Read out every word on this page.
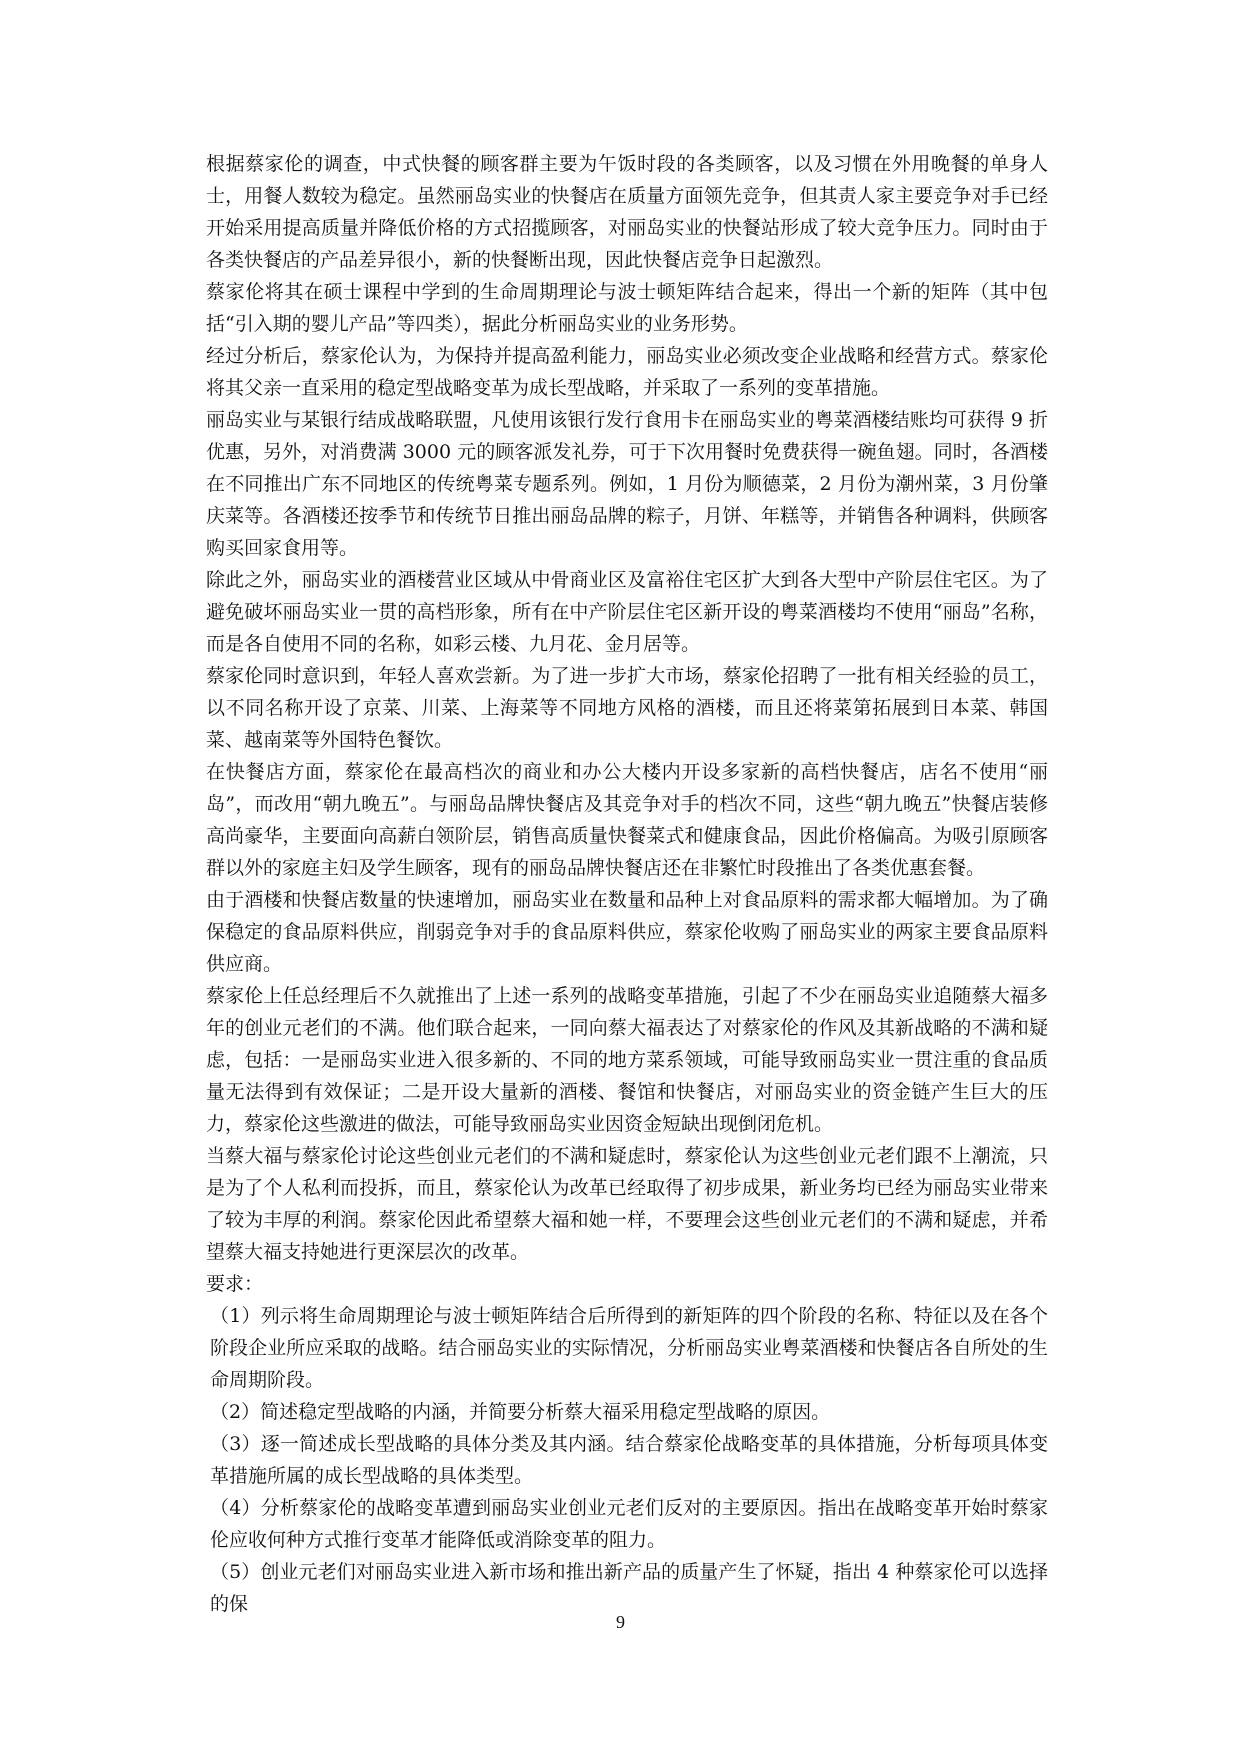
根据蔡家伦的调查，中式快餐的顾客群主要为午饭时段的各类顾客，以及习惯在外用晚餐的单身人士，用餐人数较为稳定。虽然丽岛实业的快餐店在质量方面领先竞争，但其责人家主要竞争对手已经开始采用提高质量并降低价格的方式招揽顾客，对丽岛实业的快餐站形成了较大竞争压力。同时由于各类快餐店的产品差异很小，新的快餐断出现，因此快餐店竞争日起激烈。

蔡家伦将其在硕士课程中学到的生命周期理论与波士顿矩阵结合起来，得出一个新的矩阵（其中包括“引入期的婴儿产品”等四类），据此分析丽岛实业的业务形势。

经过分析后，蔡家伦认为，为保持并提高盈利能力，丽岛实业必须改变企业战略和经营方式。蔡家伦将其父亲一直采用的稳定型战略变革为成长型战略，并采取了一系列的变革措施。

丽岛实业与某银行结成战略联盟，凡使用该银行发行食用卡在丽岛实业的粤菜酒楼结账均可获得 9 折优惠，另外，对消费满 3000 元的顾客派发礼券，可于下次用餐时免费获得一碗鱼翅。同时，各酒楼在不同推出广东不同地区的传统粤菜专题系列。例如，1 月份为顺德菜，2 月份为潮州菜，3 月份肇庆菜等。各酒楼还按季节和传统节日推出丽岛品牌的粽子，月饼、年糕等，并销售各种调料，供顾客购买回家食用等。

除此之外，丽岛实业的酒楼营业区域从中骨商业区及富裕住宅区扩大到各大型中产阶层住宅区。为了避免破坏丽岛实业一贯的高档形象，所有在中产阶层住宅区新开设的粤菜酒楼均不使用“丽岛”名称，而是各自使用不同的名称，如彩云楼、九月花、金月居等。

蔡家伦同时意识到，年轻人喜欢尝新。为了进一步扩大市场，蔡家伦招聘了一批有相关经验的员工，以不同名称开设了京菜、川菜、上海菜等不同地方风格的酒楼，而且还将菜第拓展到日本菜、韩国菜、越南菜等外国特色餐饮。

在快餐店方面，蔡家伦在最高档次的商业和办公大楼内开设多家新的高档快餐店，店名不使用“丽岛”，而改用“朝九晚五”。与丽岛品牌快餐店及其竞争对手的档次不同，这些“朝九晚五”快餐店装修高尚豪华，主要面向高薪白领阶层，销售高质量快餐菜式和健康食品，因此价格偏高。为吸引原顾客群以外的家庭主妇及学生顾客，现有的丽岛品牌快餐店还在非繁忙时段推出了各类优惠套餐。

由于酒楼和快餐店数量的快速增加，丽岛实业在数量和品种上对食品原料的需求都大幅增加。为了确保稳定的食品原料供应，削弱竞争对手的食品原料供应，蔡家伦收购了丽岛实业的两家主要食品原料供应商。

蔡家伦上任总经理后不久就推出了上述一系列的战略变革措施，引起了不少在丽岛实业追随蔡大福多年的创业元老们的不满。他们联合起来，一同向蔡大福表达了对蔡家伦的作风及其新战略的不满和疑虑，包括：一是丽岛实业进入很多新的、不同的地方菜系领域，可能导致丽岛实业一贯注重的食品质量无法得到有效保证；二是开设大量新的酒楼、餐馆和快餐店，对丽岛实业的资金链产生巨大的压力，蔡家伦这些激进的做法，可能导致丽岛实业因资金短缺出现倒闭危机。

当蔡大福与蔡家伦讨论这些创业元老们的不满和疑虑时，蔡家伦认为这些创业元老们跟不上潮流，只是为了个人私利而投拆，而且，蔡家伦认为改革已经取得了初步成果，新业务均已经为丽岛实业带来了较为丰厚的利润。蔡家伦因此希望蔡大福和她一样，不要理会这些创业元老们的不满和疑虑，并希望蔡大福支持她进行更深层次的改革。

要求：

（1）列示将生命周期理论与波士顿矩阵结合后所得到的新矩阵的四个阶段的名称、特征以及在各个阶段企业所应采取的战略。结合丽岛实业的实际情况，分析丽岛实业粤菜酒楼和快餐店各自所处的生命周期阶段。

（2）简述稳定型战略的内涵，并简要分析蔡大福采用稳定型战略的原因。

（3）逐一简述成长型战略的具体分类及其内涵。结合蔡家伦战略变革的具体措施，分析每项具体变革措施所属的成长型战略的具体类型。

（4）分析蔡家伦的战略变革遭到丽岛实业创业元老们反对的主要原因。指出在战略变革开始时蔡家伦应收何种方式推行变革才能降低或消除变革的阻力。

（5）创业元老们对丽岛实业进入新市场和推出新产品的质量产生了怀疑，指出 4 种蔡家伦可以选择的保

9
